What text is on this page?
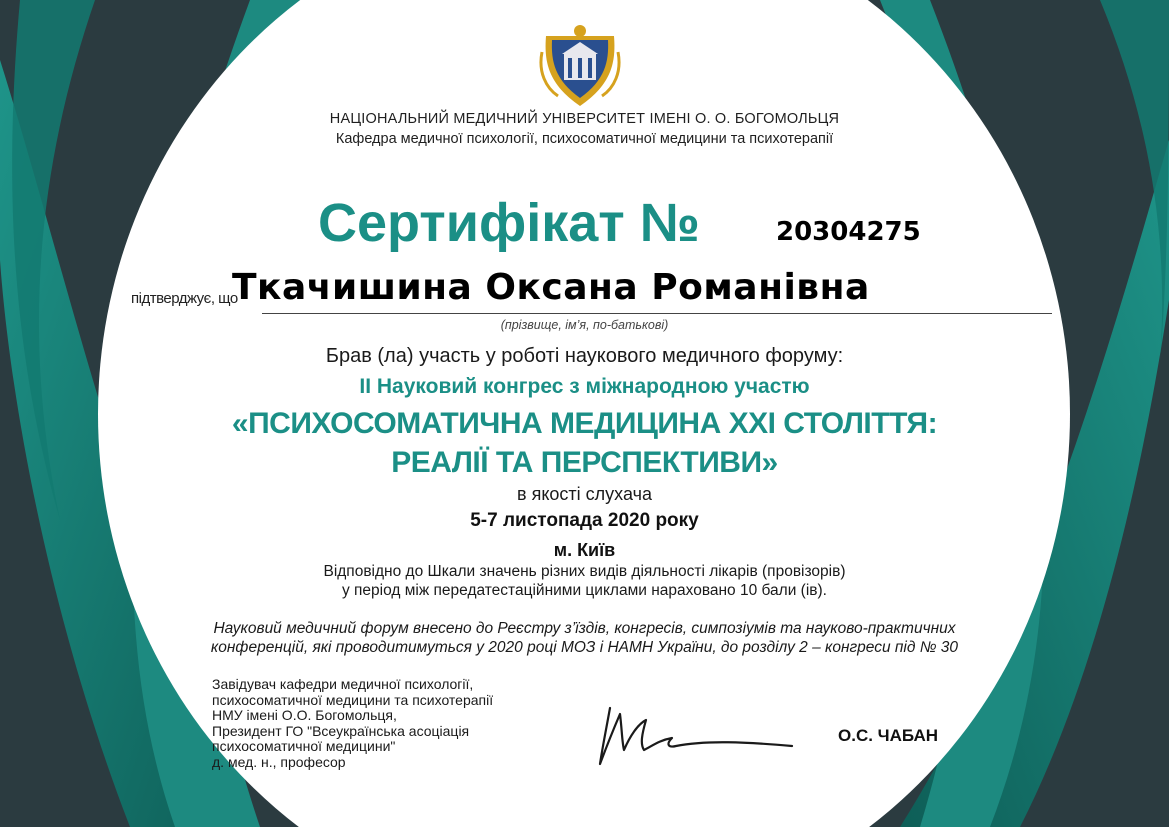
НАЦІОНАЛЬНИЙ МЕДИЧНИЙ УНІВЕРСИТЕТ ІМЕНІ О. О. БОГОМОЛЬЦЯ
Кафедра медичної психології, психосоматичної медицини та психотерапії
Сертифікат №	20304275
підтверджує, що
Ткачишина Оксана Романівна
(прізвище, ім’я, по-батькові)
Брав (ла) участь у роботі наукового медичного форуму:
ІІ Науковий конгрес з міжнародною участю
«ПСИХОСОМАТИЧНА МЕДИЦИНА ХХІ СТОЛІТТЯ:
РЕАЛІЇ ТА ПЕРСПЕКТИВИ»
в якості слухача
5-7 листопада 2020 року
м. Київ
Відповідно до Шкали значень різних видів діяльності лікарів (провізорів)
у період між передатестаційними циклами нараховано 10 бали (ів).
Науковий медичний форум внесено до Реєстру з’їздів, конгресів, симпозіумів та науково-практичних
конференцій, які проводитимуться у 2020 році МОЗ і НАМН України, до розділу 2 – конгреси під № 30
Завідувач кафедри медичної психології,
психосоматичної медицини та психотерапії
НМУ імені О.О. Богомольця,
Президент ГО "Всеукраїнська асоціація
психосоматичної медицини"
д. мед. н., професор
О.С. ЧАБАН
